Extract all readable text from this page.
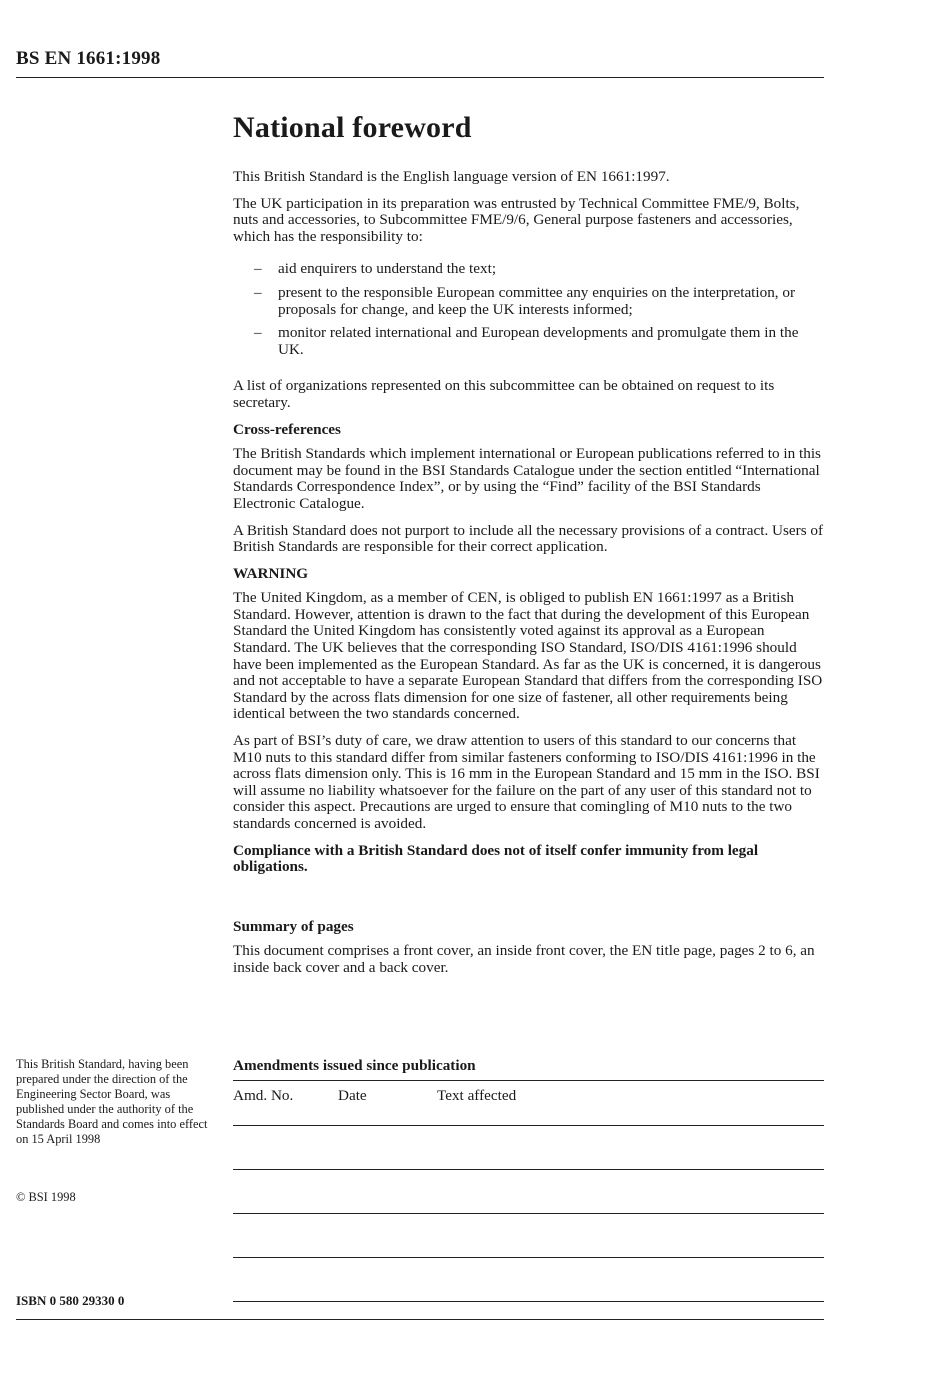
BS EN 1661:1998
National foreword

This British Standard is the English language version of EN 1661:1997.

The UK participation in its preparation was entrusted by Technical Committee FME/9, Bolts, nuts and accessories, to Subcommittee FME/9/6, General purpose fasteners and accessories, which has the responsibility to:

– aid enquirers to understand the text;
– present to the responsible European committee any enquiries on the interpretation, or proposals for change, and keep the UK interests informed;
– monitor related international and European developments and promulgate them in the UK.

A list of organizations represented on this subcommittee can be obtained on request to its secretary.

Cross-references

The British Standards which implement international or European publications referred to in this document may be found in the BSI Standards Catalogue under the section entitled “International Standards Correspondence Index”, or by using the “Find” facility of the BSI Standards Electronic Catalogue.

A British Standard does not purport to include all the necessary provisions of a contract. Users of British Standards are responsible for their correct application.

WARNING

The United Kingdom, as a member of CEN, is obliged to publish EN 1661:1997 as a British Standard. However, attention is drawn to the fact that during the development of this European Standard the United Kingdom has consistently voted against its approval as a European Standard. The UK believes that the corresponding ISO Standard, ISO/DIS 4161:1996 should have been implemented as the European Standard. As far as the UK is concerned, it is dangerous and not acceptable to have a separate European Standard that differs from the corresponding ISO Standard by the across flats dimension for one size of fastener, all other requirements being identical between the two standards concerned.

As part of BSI’s duty of care, we draw attention to users of this standard to our concerns that M10 nuts to this standard differ from similar fasteners conforming to ISO/DIS 4161:1996 in the across flats dimension only. This is 16 mm in the European Standard and 15 mm in the ISO. BSI will assume no liability whatsoever for the failure on the part of any user of this standard not to consider this aspect. Precautions are urged to ensure that comingling of M10 nuts to the two standards concerned is avoided.

Compliance with a British Standard does not of itself confer immunity from legal obligations.

Summary of pages

This document comprises a front cover, an inside front cover, the EN title page, pages 2 to 6, an inside back cover and a back cover.

This British Standard, having been prepared under the direction of the Engineering Sector Board, was published under the authority of the Standards Board and comes into effect on 15 April 1998
© BSI 1998
ISBN 0 580 29330 0
Amendments issued since publication
Amd. No.	Date	Text affected
